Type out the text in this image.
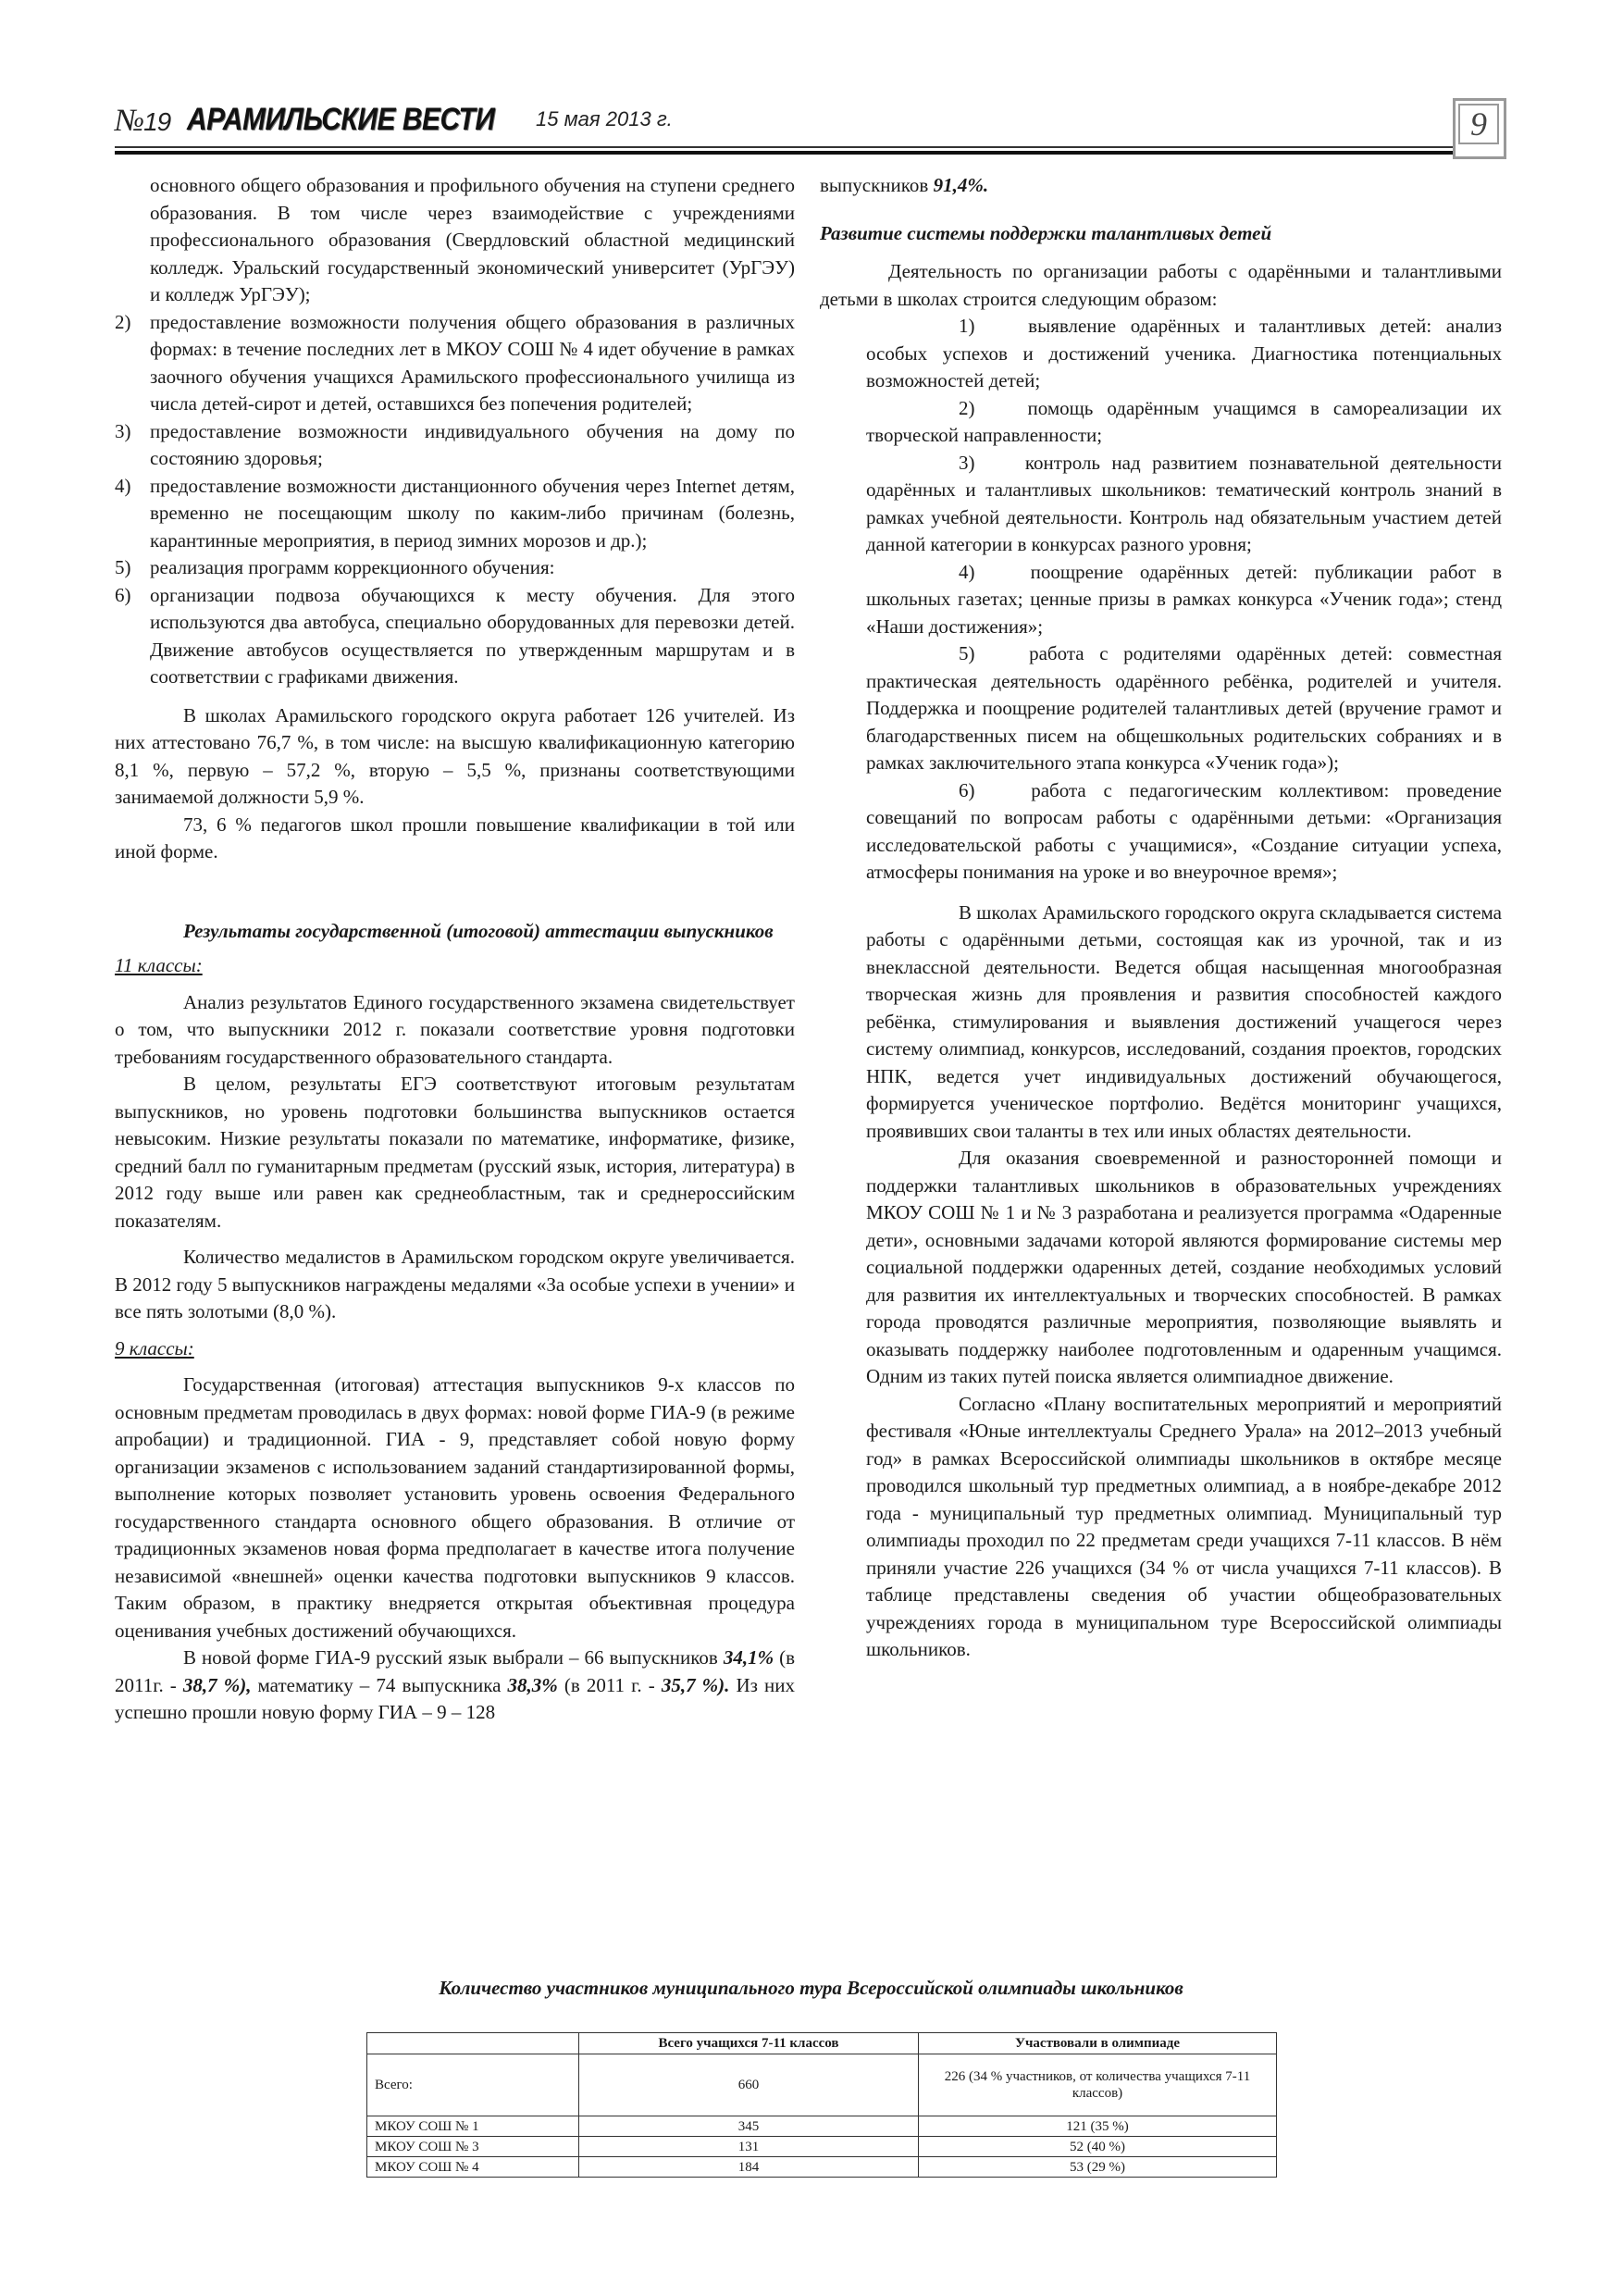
№19 АРАМИЛЬСКИЕ ВЕСТИ 15 мая 2013 г.	9

основного общего образования и профильного обучения на ступени среднего образования. В том числе через взаимодействие с учреждениями профессионального образования (Свердловский областной медицинский колледж. Уральский государственный экономический университет (УрГЭУ) и колледж УрГЭУ);

2) предоставление возможности получения общего образования в различных формах: в течение последних лет в МКОУ СОШ № 4 идет обучение в рамках заочного обучения учащихся Арамильского профессионального училища из числа детей-сирот и детей, оставшихся без попечения родителей;
3) предоставление возможности индивидуального обучения на дому по состоянию здоровья;
4) предоставление возможности дистанционного обучения через Internet детям, временно не посещающим школу по каким-либо причинам (болезнь, карантинные мероприятия, в период зимних морозов и др.);
5) реализация программ коррекционного обучения:
6) организации подвоза обучающихся к месту обучения. Для этого используются два автобуса, специально оборудованных для перевозки детей. Движение автобусов осуществляется по утвержденным маршрутам и в соответствии с графиками движения.

В школах Арамильского городского округа работает 126 учителей. Из них аттестовано 76,7 %, в том числе: на высшую квалификационную категорию 8,1 %, первую – 57,2 %, вторую – 5,5 %, признаны соответствующими занимаемой должности 5,9 %.

73, 6 % педагогов школ прошли повышение квалификации в той или иной форме.

Результаты государственной (итоговой) аттестации выпускников

11 классы:

Анализ результатов Единого государственного экзамена свидетельствует о том, что выпускники 2012 г. показали соответствие уровня подготовки требованиям государственного образовательного стандарта.

В целом, результаты ЕГЭ соответствуют итоговым результатам выпускников, но уровень подготовки большинства выпускников остается невысоким. Низкие результаты показали по математике, информатике, физике, средний балл по гуманитарным предметам (русский язык, история, литература) в 2012 году выше или равен как среднеобластным, так и среднероссийским показателям.

Количество медалистов в Арамильском городском округе увеличивается. В 2012 году 5 выпускников награждены медалями «За особые успехи в учении» и все пять золотыми (8,0 %).

9 классы:

Государственная (итоговая) аттестация выпускников 9-х классов по основным предметам проводилась в двух формах: новой форме ГИА-9 (в режиме апробации) и традиционной. ГИА - 9, представляет собой новую форму организации экзаменов с использованием заданий стандартизированной формы, выполнение которых позволяет установить уровень освоения Федерального государственного стандарта основного общего образования. В отличие от традиционных экзаменов новая форма предполагает в качестве итога получение независимой «внешней» оценки качества подготовки выпускников 9 классов. Таким образом, в практику внедряется открытая объективная процедура оценивания учебных достижений обучающихся.

В новой форме ГИА-9 русский язык выбрали – 66 выпускников 34,1% (в 2011г. - 38,7 %), математику – 74 выпускника 38,3% (в 2011 г. - 35,7 %). Из них успешно прошли новую форму ГИА – 9 – 128

выпускников 91,4%.

Развитие системы поддержки талантливых детей

Деятельность по организации работы с одарёнными и талантливыми детьми в школах строится следующим образом:

1)  	выявление одарённых и талантливых детей: анализ особых успехов и достижений ученика. Диагностика потенциальных возможностей детей;

2)  	помощь одарённым учащимся в самореализации их творческой направленности;

3)  	контроль над развитием познавательной деятельности одарённых и талантливых школьников: тематический контроль знаний в рамках учебной деятельности. Контроль над обязательным участием детей данной категории в конкурсах разного уровня;

4)  	поощрение одарённых детей: публикации работ в школьных газетах; ценные призы в рамках конкурса «Ученик года»; стенд «Наши достижения»;

5)  	работа с родителями одарённых детей: совместная практическая деятельность одарённого ребёнка, родителей и учителя. Поддержка и поощрение родителей талантливых детей (вручение грамот и благодарственных писем на общешкольных родительских собраниях и в рамках заключительного этапа конкурса «Ученик года»);

6)  	работа с педагогическим коллективом: проведение совещаний по вопросам работы с одарёнными детьми: «Организация исследовательской работы с учащимися», «Создание ситуации успеха, атмосферы понимания на уроке и во внеурочное время»;

В школах Арамильского городского округа складывается система работы с одарёнными детьми, состоящая как из урочной, так и из внеклассной деятельности. Ведется общая насыщенная многообразная творческая жизнь для проявления и развития способностей каждого ребёнка, стимулирования и выявления достижений учащегося через систему олимпиад, конкурсов, исследований, создания проектов, городских НПК, ведется учет индивидуальных достижений обучающегося, формируется ученическое портфолио. Ведётся мониторинг учащихся, проявивших свои таланты в тех или иных областях деятельности.

Для оказания своевременной и разносторонней помощи и поддержки талантливых школьников в образовательных учреждениях МКОУ СОШ № 1 и № 3 разработана и реализуется программа «Одаренные дети», основными задачами которой являются формирование системы мер социальной поддержки одаренных детей, создание необходимых условий для развития их интеллектуальных и творческих способностей. В рамках города проводятся различные мероприятия, позволяющие выявлять и оказывать поддержку наиболее подготовленным и одаренным учащимся. Одним из таких путей поиска является олимпиадное движение.

Согласно «Плану воспитательных мероприятий и мероприятий фестиваля «Юные интеллектуалы Среднего Урала» на 2012–2013 учебный год» в рамках Всероссийской олимпиады школьников в октябре месяце проводился школьный тур предметных олимпиад, а в ноябре-декабре 2012 года - муниципальный тур предметных олимпиад. Муниципальный тур олимпиады проходил по 22 предметам среди учащихся 7-11 классов. В нём приняли участие 226 учащихся (34 % от числа учащихся 7-11 классов). В таблице представлены сведения об участии общеобразовательных учреждениях города в муниципальном туре Всероссийской олимпиады школьников.

Количество участников муниципального тура Всероссийской олимпиады школьников
	Всего учащихся 7-11 классов	Участвовали в олимпиаде
Всего:	660	226 (34 % участников, от количества учащихся 7-11 классов)
МКОУ СОШ № 1	345	121 (35 %)
МКОУ СОШ № 3	131	52 (40 %)
МКОУ СОШ № 4	184	53 (29 %)
